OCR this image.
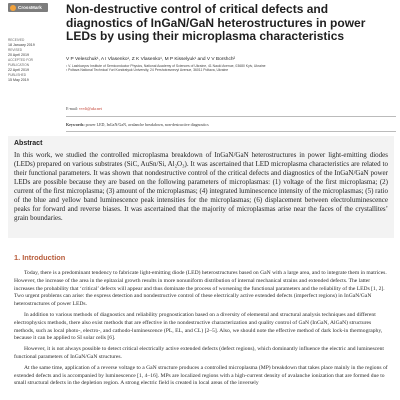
CrossMark
RECEIVED
18 January 2019
REVISED
20 April 2019
ACCEPTED FOR PUBLICATION
22 April 2019
PUBLISHED
15 May 2019
Non-destructive control of critical defects and diagnostics of InGaN/GaN heterostructures in power LEDs by using their microplasma characteristics
V P Veleschuk¹, A I Vlasenko¹, Z K Vlasenko¹, M P Kisselyuk¹ and V V Borshch²
¹ V. Lashkaryov Institute of Semiconductor Physics, National Academy of Sciences of Ukraine, 41 Nauki Avenue, 03680 Kyiv, Ukraine
² Poltava National Technical Yuri Kondratyuk University, 24 Pershotravnevyi Avenue, 36011 Poltava, Ukraine
E-mail: vvvlt@ukr.net
Keywords: power LED, InGaN/GaN, avalanche breakdown, non-destructive diagnostics
Abstract

In this work, we studied the controlled microplasma breakdown of InGaN/GaN heterostructures in power light-emitting diodes (LEDs) prepared on various substrates (SiC, AuSn/Si, Al₂O₃). It was ascertained that LED microplasma characteristics are related to their functional parameters. It was shown that nondestructive control of the critical defects and diagnostics of the InGaN/GaN power LEDs are possible because they are based on the following parameters of microplasmas: (1) voltage of the first microplasma; (2) current of the first microplasma; (3) amount of the microplasmas; (4) integrated luminescence intensity of the microplasmas; (5) ratio of the blue and yellow band luminescence peak intensities for the microplasmas; (6) displacement between electroluminescence peaks for forward and reverse biases. It was ascertained that the majority of microplasmas arise near the faces of the crystallites’ grain boundaries.

1. Introduction

Today, there is a predominant tendency to fabricate light-emitting diode (LED) heterostructures based on GaN with a large area, and to integrate them in matrices. However, the increase of the area in the epitaxial growth results in more nonuniform distribution of internal mechanical strains and extended defects. The latter increases the probability that ‘critical’ defects will appear and thus dominate the process of worsening the functional parameters and the reliability of the LEDs [1, 2]. Two urgent problems can arise: the express detection and nondestructive control of these electrically active extended defects (imperfect regions) in InGaN/GaN heterostructures of power LEDs.

In addition to various methods of diagnostics and reliability prognostication based on a diversity of elemental and structural analysis techniques and different electrophysics methods, there also exist methods that are effective in the nondestructive characterization and quality control of GaN (InGaN, AlGaN) structures methods, such as local photo-, electro-, and cathodo-luminescence (PL, EL, and CL) [2–5]. Also, we should note the effective method of dark lock-in thermography, because it can be applied to SI solar cells [6].

However, it is not always possible to detect critical electrically active extended defects (defect regions), which dominantly influence the electric and luminescent functional parameters of InGaN/GaN structures.

At the same time, application of a reverse voltage to a GaN structure produces a controlled microplasma (MP) breakdown that takes place mainly in the regions of extended defects and is accompanied by luminescence [1, 4–16]. MPs are localized regions with a high-current density of avalanche ionization that are formed due to small structural defects in the depletion region. A strong electric field is created in local areas of the inversely
